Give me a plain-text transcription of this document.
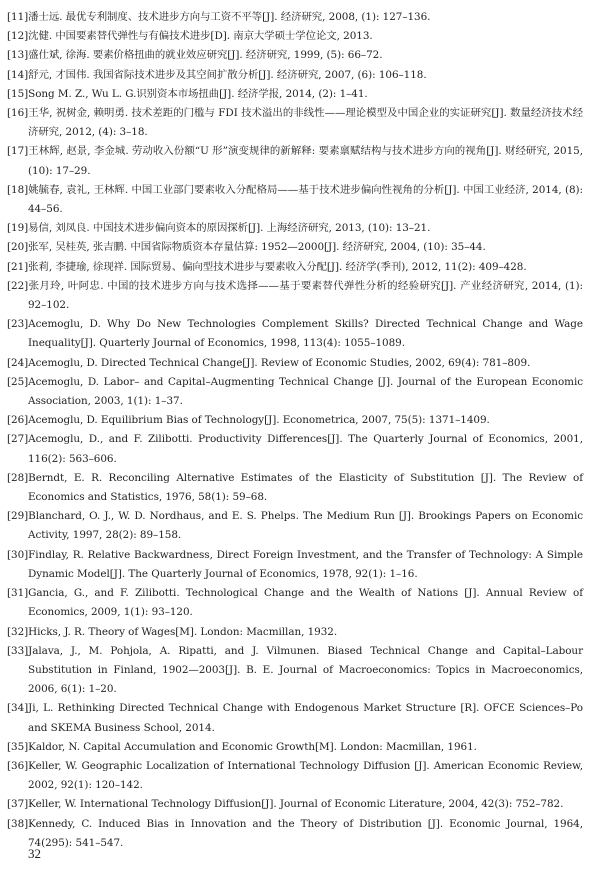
[11]潘士远. 最优专利制度、技术进步方向与工资不平等[J]. 经济研究, 2008, (1): 127–136.
[12]沈健. 中国要素替代弹性与有偏技术进步[D]. 南京大学硕士学位论文, 2013.
[13]盛仕斌, 徐海. 要素价格扭曲的就业效应研究[J]. 经济研究, 1999, (5): 66–72.
[14]舒元, 才国伟. 我国省际技术进步及其空间扩散分析[J]. 经济研究, 2007, (6): 106–118.
[15]Song M. Z., Wu L. G.识别资本市场扭曲[J]. 经济学报, 2014, (2): 1–41.
[16]王华, 祝树金, 赖明勇. 技术差距的门槛与 FDI 技术溢出的非线性——理论模型及中国企业的实证研究[J]. 数量经济技术经济研究, 2012, (4): 3–18.
[17]王林辉, 赵景, 李金城. 劳动收入份额“U 形”演变规律的新解释: 要素禀赋结构与技术进步方向的视角[J]. 财经研究, 2015, (10): 17–29.
[18]姚毓春, 袁礼, 王林辉. 中国工业部门要素收入分配格局——基于技术进步偏向性视角的分析[J]. 中国工业经济, 2014, (8): 44–56.
[19]易信, 刘凤良. 中国技术进步偏向资本的原因探析[J]. 上海经济研究, 2013, (10): 13–21.
[20]张军, 吴桂英, 张吉鹏. 中国省际物质资本存量估算: 1952—2000[J]. 经济研究, 2004, (10): 35–44.
[21]张莉, 李捷瑜, 徐现祥. 国际贸易、偏向型技术进步与要素收入分配[J]. 经济学(季刊), 2012, 11(2): 409–428.
[22]张月玲, 叶阿忠. 中国的技术进步方向与技术选择——基于要素替代弹性分析的经验研究[J]. 产业经济研究, 2014, (1): 92–102.
[23]Acemoglu, D. Why Do New Technologies Complement Skills? Directed Technical Change and Wage Inequality[J]. Quarterly Journal of Economics, 1998, 113(4): 1055–1089.
[24]Acemoglu, D. Directed Technical Change[J]. Review of Economic Studies, 2002, 69(4): 781–809.
[25]Acemoglu, D. Labor– and Capital–Augmenting Technical Change [J]. Journal of the European Economic Association, 2003, 1(1): 1–37.
[26]Acemoglu, D. Equilibrium Bias of Technology[J]. Econometrica, 2007, 75(5): 1371–1409.
[27]Acemoglu, D., and F. Zilibotti. Productivity Differences[J]. The Quarterly Journal of Economics, 2001, 116(2): 563–606.
[28]Berndt, E. R. Reconciling Alternative Estimates of the Elasticity of Substitution [J]. The Review of Economics and Statistics, 1976, 58(1): 59–68.
[29]Blanchard, O. J., W. D. Nordhaus, and E. S. Phelps. The Medium Run [J]. Brookings Papers on Economic Activity, 1997, 28(2): 89–158.
[30]Findlay, R. Relative Backwardness, Direct Foreign Investment, and the Transfer of Technology: A Simple Dynamic Model[J]. The Quarterly Journal of Economics, 1978, 92(1): 1–16.
[31]Gancia, G., and F. Zilibotti. Technological Change and the Wealth of Nations [J]. Annual Review of Economics, 2009, 1(1): 93–120.
[32]Hicks, J. R. Theory of Wages[M]. London: Macmillan, 1932.
[33]Jalava, J., M. Pohjola, A. Ripatti, and J. Vilmunen. Biased Technical Change and Capital–Labour Substitution in Finland, 1902—2003[J]. B. E. Journal of Macroeconomics: Topics in Macroeconomics, 2006, 6(1): 1–20.
[34]Ji, L. Rethinking Directed Technical Change with Endogenous Market Structure [R]. OFCE Sciences–Po and SKEMA Business School, 2014.
[35]Kaldor, N. Capital Accumulation and Economic Growth[M]. London: Macmillan, 1961.
[36]Keller, W. Geographic Localization of International Technology Diffusion [J]. American Economic Review, 2002, 92(1): 120–142.
[37]Keller, W. International Technology Diffusion[J]. Journal of Economic Literature, 2004, 42(3): 752–782.
[38]Kennedy, C. Induced Bias in Innovation and the Theory of Distribution [J]. Economic Journal, 1964, 74(295): 541–547.
32
